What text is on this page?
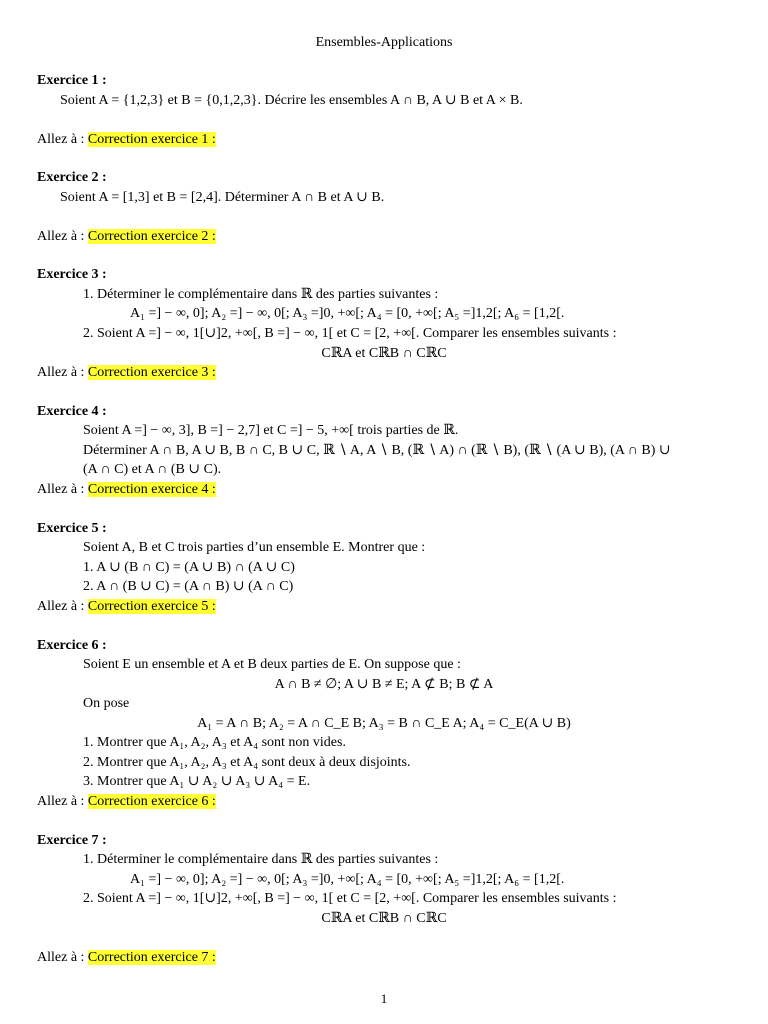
Ensembles-Applications
Exercice 1 :
Soient A = {1,2,3} et B = {0,1,2,3}. Décrire les ensembles A ∩ B, A ∪ B et A × B.
Allez à : Correction exercice 1 :
Exercice 2 :
Soient A = [1,3] et B = [2,4]. Déterminer A ∩ B et A ∪ B.
Allez à : Correction exercice 2 :
Exercice 3 :
1. Déterminer le complémentaire dans ℝ des parties suivantes :
A₁ =] − ∞, 0]; A₂ =] − ∞, 0[; A₃ =]0, +∞[; A₄ = [0, +∞[; A₅ =]1,2[; A₆ = [1,2[.
2. Soient A =] − ∞, 1[∪]2, +∞[, B =] − ∞, 1[ et C = [2, +∞[. Comparer les ensembles suivants :
CℝA et CℝB ∩ CℝC
Allez à : Correction exercice 3 :
Exercice 4 :
Soient A =] − ∞, 3], B =] − 2,7] et C =] − 5, +∞[ trois parties de ℝ.
Déterminer A ∩ B, A ∪ B, B ∩ C, B ∪ C, ℝ ∖ A, A ∖ B, (ℝ ∖ A) ∩ (ℝ ∖ B), (ℝ ∖ (A ∪ B), (A ∩ B) ∪
(A ∩ C) et A ∩ (B ∪ C).
Allez à : Correction exercice 4 :
Exercice 5 :
Soient A, B et C trois parties d’un ensemble E. Montrer que :
1. A ∪ (B ∩ C) = (A ∪ B) ∩ (A ∪ C)
2. A ∩ (B ∪ C) = (A ∩ B) ∪ (A ∩ C)
Allez à : Correction exercice 5 :
Exercice 6 :
Soient E un ensemble et A et B deux parties de E. On suppose que :
A ∩ B ≠ ∅; A ∪ B ≠ E; A ⊄ B; B ⊄ A
On pose
A₁ = A ∩ B; A₂ = A ∩ C_E B; A₃ = B ∩ C_E A; A₄ = C_E(A ∪ B)
1. Montrer que A₁, A₂, A₃ et A₄ sont non vides.
2. Montrer que A₁, A₂, A₃ et A₄ sont deux à deux disjoints.
3. Montrer que A₁ ∪ A₂ ∪ A₃ ∪ A₄ = E.
Allez à : Correction exercice 6 :
Exercice 7 :
1. Déterminer le complémentaire dans ℝ des parties suivantes :
A₁ =] − ∞, 0]; A₂ =] − ∞, 0[; A₃ =]0, +∞[; A₄ = [0, +∞[; A₅ =]1,2[; A₆ = [1,2[.
2. Soient A =] − ∞, 1[∪]2, +∞[, B =] − ∞, 1[ et C = [2, +∞[. Comparer les ensembles suivants :
CℝA et CℝB ∩ CℝC
Allez à : Correction exercice 7 :
1
